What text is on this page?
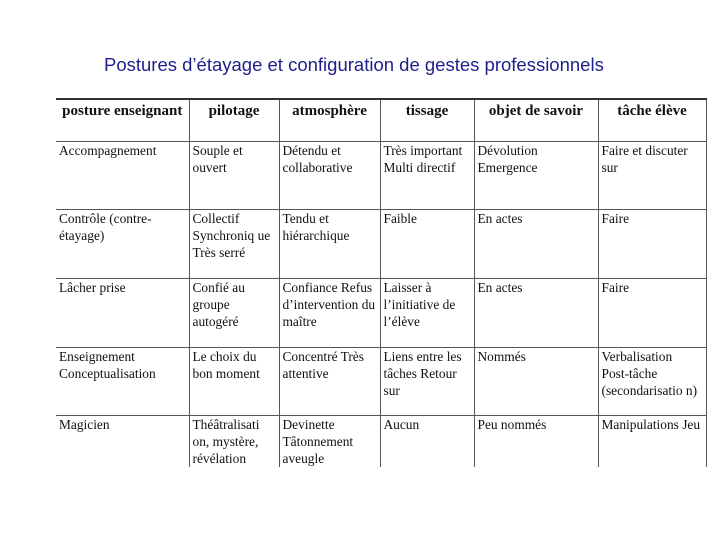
Postures d’étayage et configuration de gestes professionnels
posture enseignant	pilotage	atmosphère	tissage	objet de savoir	tâche élève
Accompagnement	Souple et ouvert	Détendu et collaborative	Très important Multi directif	Dévolution Emergence	Faire et discuter sur
Contrôle (contre-étayage)	Collectif Synchroniq ue Très serré	Tendu et hiérarchique	Faible	En actes	Faire
Lâcher prise	Confié au groupe autogéré	Confiance Refus d’intervention du maître	Laisser à l’initiative de l’élève	En actes	Faire
Enseignement Conceptualisation	Le choix du bon moment	Concentré Très attentive	Liens entre les tâches Retour sur	Nommés	Verbalisation Post-tâche (secondarisatio n)
Magicien	Théâtralisati on, mystère, révélation	Devinette Tâtonnement aveugle	Aucun	Peu nommés	Manipulations Jeu
